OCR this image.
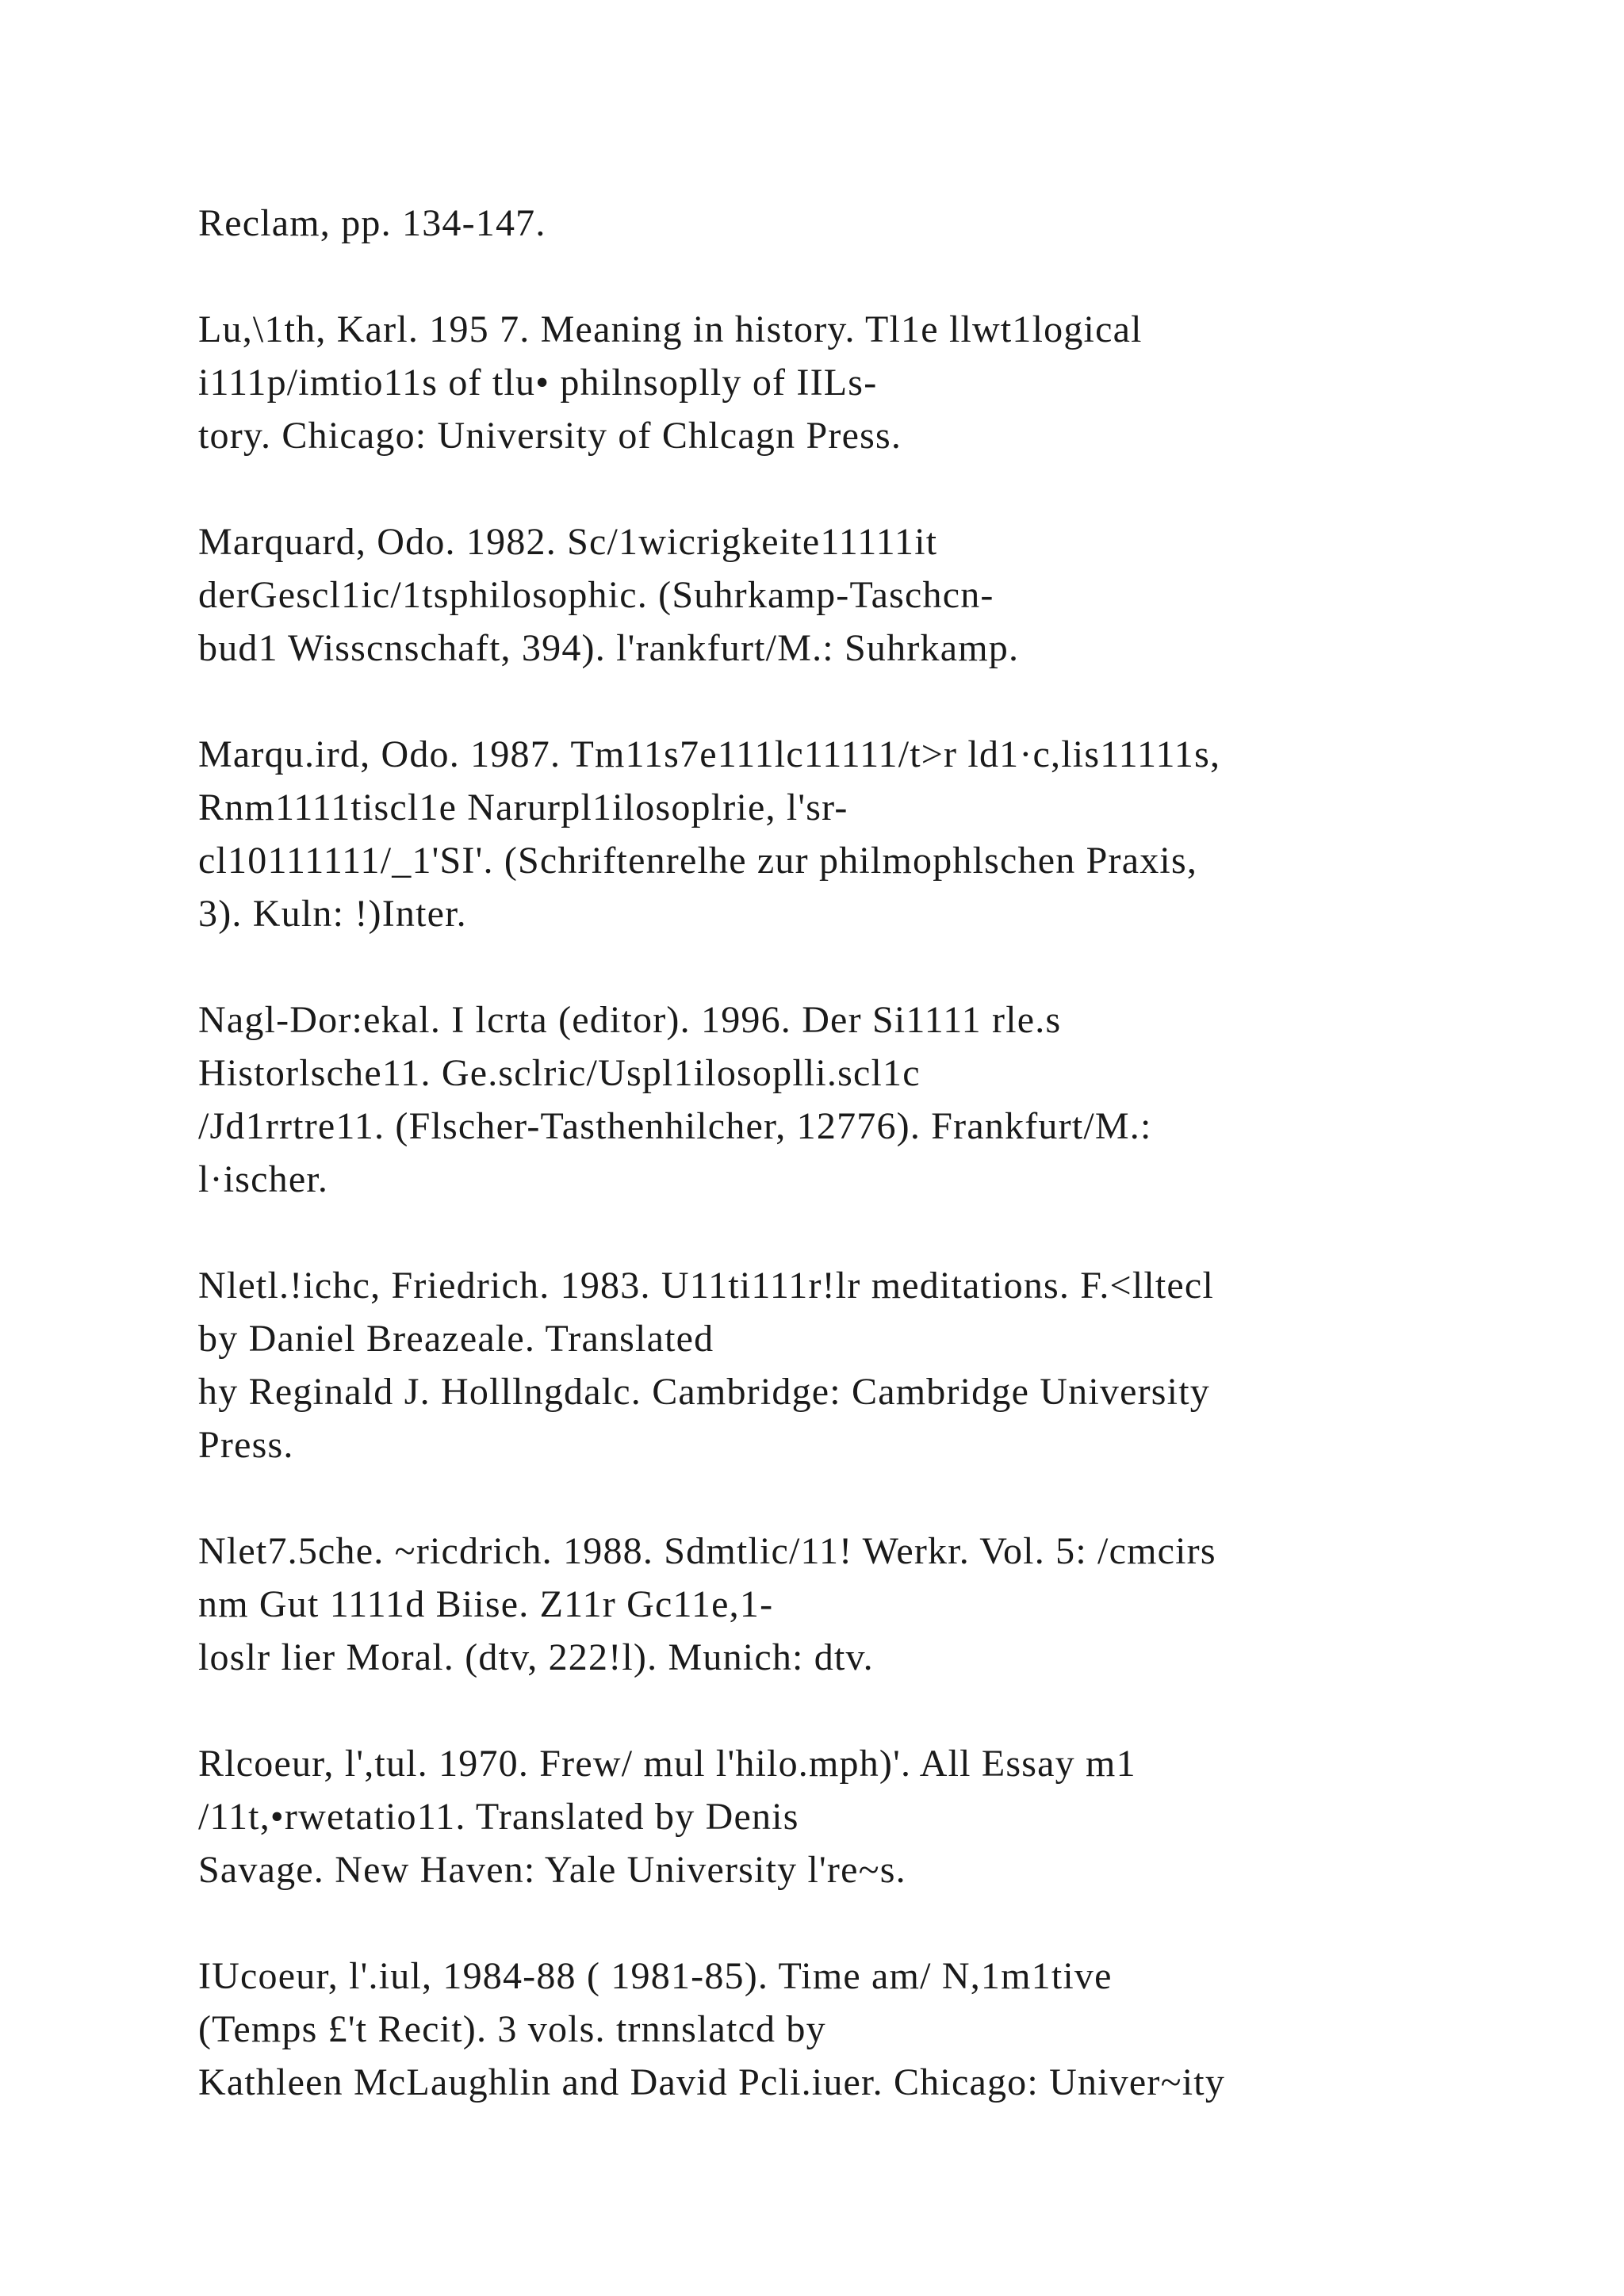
Reclam, pp. 134-147.
Lu,\1th, Karl. 195 7. Meaning in history. Tl1e llwt1logical
i111p/imtio11s of tlu• philnsoplly of IILs-
tory. Chicago: University of Chlcagn Press.
Marquard, Odo. 1982. Sc/1wicrigkeite11111it
derGescl1ic/1tsphilosophic. (Suhrkamp-Taschcn-
bud1 Wisscnschaft, 394). l'rankfurt/M.: Suhrkamp.
Marqu.ird, Odo. 1987. Tm11s7e111lc11111/t>r ld1·c,lis11111s,
Rnm1111tiscl1e Narurpl1ilosoplrie, l'sr-
cl10111111/_1'SI'. (Schriftenrelhe zur philmophlschen Praxis,
3). Kuln: !)Inter.
Nagl-Dor:ekal. I lcrta (editor). 1996. Der Si1111 rle.s
Historlsche11. Ge.sclric/Uspl1ilosoplli.scl1c
/Jd1rrtre11. (Flscher-Tasthenhilcher, 12776). Frankfurt/M.:
l·ischer.
Nletl.!ichc, Friedrich. 1983. U11ti111r!lr meditations. F.<lltecl
by Daniel Breazeale. Translated
hy Reginald J. Holllngdalc. Cambridge: Cambridge University
Press.
Nlet7.5che. ~ricdrich. 1988. Sdmtlic/11! Werkr. Vol. 5: /cmcirs
nm Gut 1111d Biise. Z11r Gc11e,1-
loslr lier Moral. (dtv, 222!l). Munich: dtv.
Rlcoeur, l',tul. 1970. Frew/ mul l'hilo.mph)'. All Essay m1
/11t,•rwetatio11. Translated by Denis
Savage. New Haven: Yale University l're~s.
IUcoeur, l'.iul, 1984-88 ( 1981-85). Time am/ N,1m1tive
(Temps £'t Recit). 3 vols. trnnslatcd by
Kathleen McLaughlin and David Pcli.iuer. Chicago: Univer~ity
